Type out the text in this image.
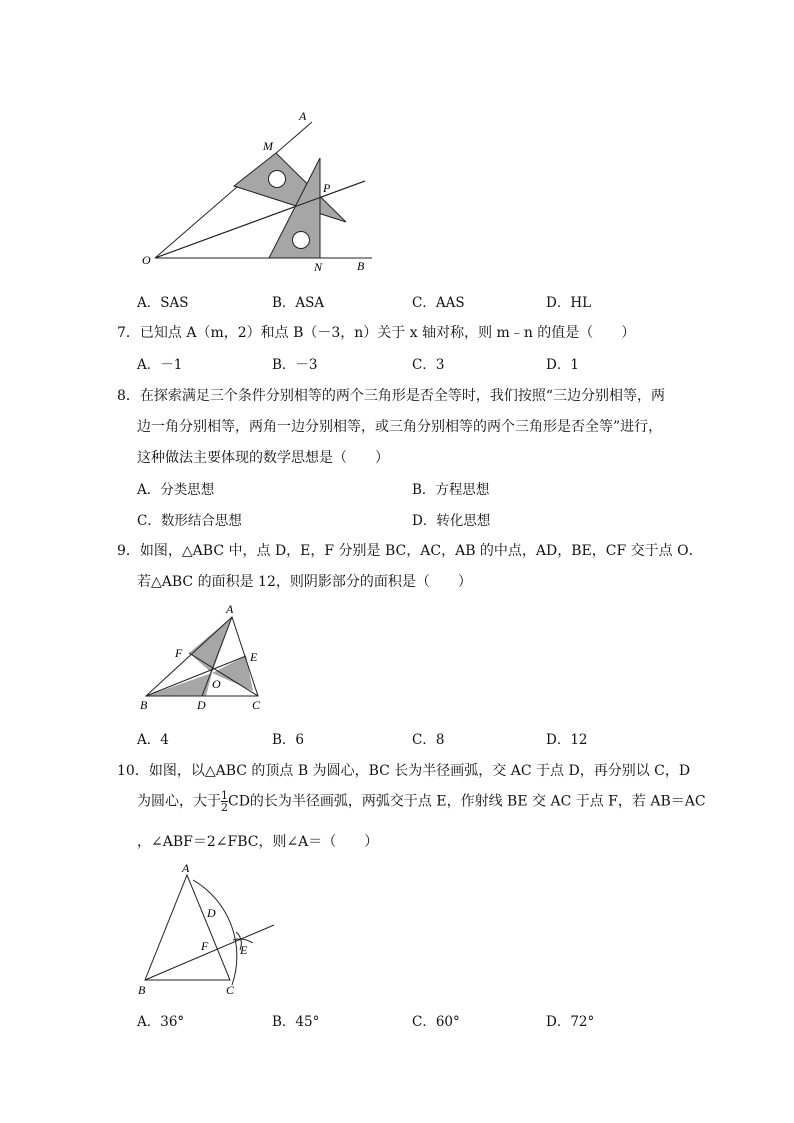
A
M
P
O	N	B
A．SAS	B．ASA	C．AAS	D．HL
7．已知点 A（m，2）和点 B（－3，n）关于 x 轴对称，则 m﹣n 的值是（　　）
A．－1	B．－3	C．3	D．1
8．在探索满足三个条件分别相等的两个三角形是否全等时，我们按照“三边分别相等，两
边一角分别相等，两角一边分别相等，或三角分别相等的两个三角形是否全等”进行，
这种做法主要体现的数学思想是（　　）
A．分类思想	B．方程思想
C．数形结合思想	D．转化思想
9．如图，△ABC 中，点 D，E，F 分别是 BC，AC，AB 的中点，AD，BE，CF 交于点 O．
若△ABC 的面积是 12，则阴影部分的面积是（　　）
A
F	E
O
B	D	C
A．4	B．6	C．8	D．12
10．如图，以△ABC 的顶点 B 为圆心，BC 长为半径画弧，交 AC 于点 D，再分别以 C，D
为圆心，大于 $\frac{1}{2}$ CD的长为半径画弧，两弧交于点 E，作射线 BE 交 AC 于点 F，若 AB＝AC
，∠ABF＝2∠FBC，则∠A＝（　　）
A
D
F	E
B	C
A．36°	B．45°	C．60°	D．72°
